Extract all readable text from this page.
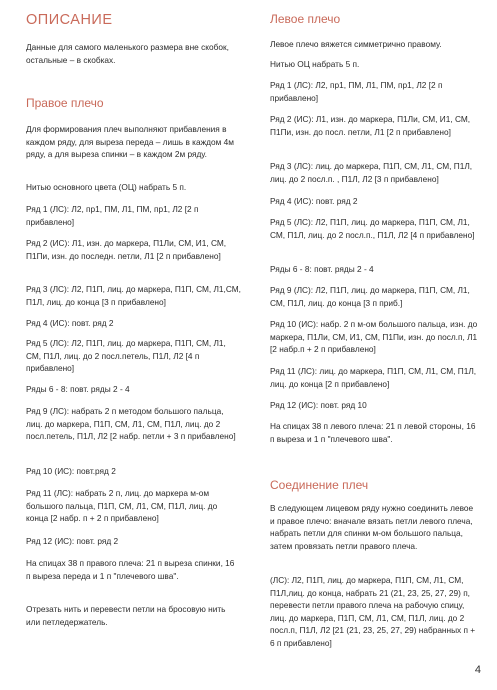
ОПИСАНИЕ

Данные для самого маленького размера вне скобок, остальные – в скобках.

Правое плечо

Для формирования плеч выполняют прибавления в каждом ряду, для выреза переда – лишь в каждом 4м ряду, а для выреза спинки – в каждом 2м ряду.

Нитью основного цвета (ОЦ) набрать 5 п.

Ряд 1 (ЛС): Л2, пр1, ПМ, Л1, ПМ, пр1, Л2 [2 п прибавлено]

Ряд 2 (ИС): Л1, изн. до маркера, П1Ли, СМ, И1, СМ, П1Пи, изн. до последн. петли, Л1 [2 п прибавлено]

Ряд 3 (ЛС): Л2, П1П, лиц. до маркера, П1П, СМ, Л1,СМ, П1Л, лиц. до конца [3 п прибавлено]

Ряд 4 (ИС): повт. ряд 2

Ряд 5 (ЛС): Л2, П1П, лиц. до маркера, П1П, СМ, Л1, СМ, П1Л, лиц. до 2 посл.петель, П1Л, Л2 [4 п прибавлено]

Ряды 6 - 8: повт. ряды 2 - 4

Ряд 9 (ЛС): набрать 2 п методом большого пальца, лиц. до маркера, П1П, СМ, Л1, СМ, П1Л, лиц. до 2 посл.петель, П1Л, Л2 [2 набр. петли + 3 п прибавлено]

Ряд 10 (ИС): повт.ряд 2

Ряд 11 (ЛС): набрать 2 п, лиц. до маркера м-ом большого пальца, П1П, СМ, Л1, СМ, П1Л, лиц. до конца [2 набр. п + 2 п прибавлено]

Ряд 12 (ИС): повт. ряд 2

На спицах 38 п правого плеча: 21 п выреза спинки, 16 п выреза переда и 1 п "плечевого шва".

Отрезать нить и перевести петли на бросовую нить или петледержатель.

Левое плечо

Левое плечо вяжется симметрично правому.

Нитью ОЦ набрать 5 п.

Ряд 1 (ЛС): Л2, пр1, ПМ, Л1, ПМ, пр1, Л2 [2 п прибавлено]

Ряд 2 (ИС): Л1, изн. до маркера, П1Ли, СМ, И1, СМ, П1Пи, изн. до посл. петли, Л1 [2 п прибавлено]

Ряд 3 (ЛС): лиц. до маркера, П1П, СМ, Л1, СМ, П1Л, лиц. до 2 посл.п. , П1Л, Л2 [3 п прибавлено]

Ряд 4 (ИС): повт. ряд 2

Ряд 5 (ЛС): Л2, П1П, лиц. до маркера, П1П, СМ, Л1, СМ, П1Л, лиц. до 2 посл.п., П1Л, Л2 [4 п прибавлено]

Ряды 6 - 8: повт. ряды 2 - 4

Ряд 9 (ЛС): Л2, П1П, лиц. до маркера, П1П, СМ, Л1, СМ, П1Л, лиц. до конца [3 п приб.]

Ряд 10 (ИС): набр. 2 п м-ом большого пальца, изн. до маркера, П1Ли, СМ, И1, СМ, П1Пи, изн. до посл.п, Л1 [2 набр.п + 2 п прибавлено]

Ряд 11 (ЛС): лиц. до маркера, П1П, СМ, Л1, СМ, П1Л, лиц. до конца [2 п прибавлено]

Ряд 12 (ИС): повт. ряд 10

На спицах 38 п левого плеча: 21 п левой стороны, 16 п выреза и 1 п "плечевого шва".

Соединение плеч

В следующем лицевом ряду нужно соединить левое и правое плечо: вначале вязать петли левого плеча, набрать петли для спинки м-ом большого пальца, затем провязать петли правого плеча.

(ЛС): Л2, П1П, лиц. до маркера, П1П, СМ, Л1, СМ, П1Л,лиц. до конца, набрать 21 (21, 23, 25, 27, 29) п, перевести петли правого плеча на рабочую спицу, лиц. до маркера, П1П, СМ, Л1, СМ, П1Л, лиц. до 2 посл.п, П1Л, Л2 [21 (21, 23, 25, 27, 29) набранных п + 6 п прибавлено]

4
